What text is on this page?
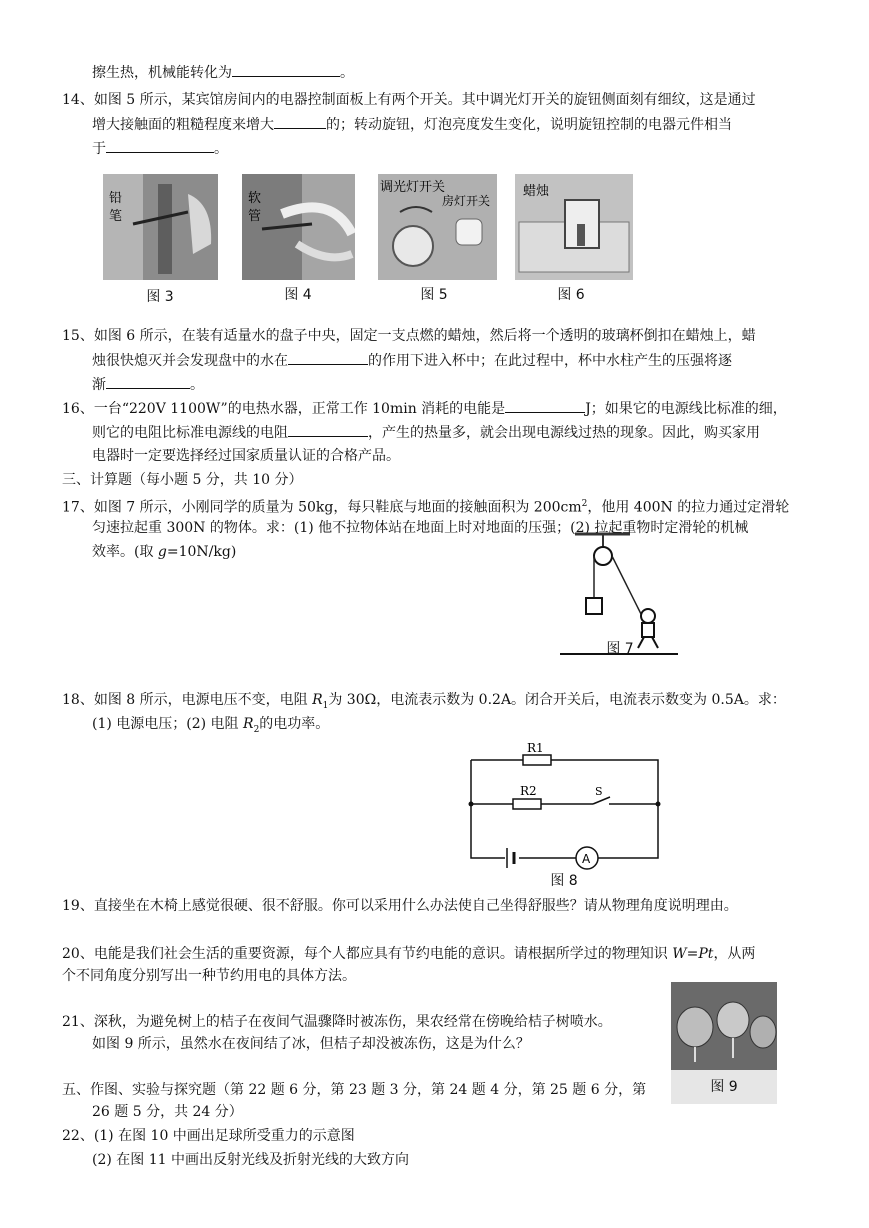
擦生热，机械能转化为	。
14、如图 5 所示，某宾馆房间内的电器控制面板上有两个开关。其中调光灯开关的旋钮侧面刻有细纹，这是通过
增大接触面的粗糙程度来增大	的；转动旋钮，灯泡亮度发生变化，说明旋钮控制的电器元件相当
于	。
铅笔
图 3
软管
图 4
调光灯开关
房灯开关
图 5
蜡烛
图 6
15、如图 6 所示，在装有适量水的盘子中央，固定一支点燃的蜡烛，然后将一个透明的玻璃杯倒扣在蜡烛上，蜡
烛很快熄灭并会发现盘中的水在	的作用下进入杯中；在此过程中，杯中水柱产生的压强将逐
渐	。
16、一台“220V 1100W”的电热水器，正常工作 10min 消耗的电能是	J；如果它的电源线比标准的细，
则它的电阻比标准电源线的电阻	，产生的热量多，就会出现电源线过热的现象。因此，购买家用
电器时一定要选择经过国家质量认证的合格产品。
三、计算题（每小题 5 分，共 10 分）
17、如图 7 所示，小刚同学的质量为 50kg，每只鞋底与地面的接触面积为 $200cm^2$，他用 400N 的拉力通过定滑轮
匀速拉起重 300N 的物体。求：(1) 他不拉物体站在地面上时对地面的压强；(2) 拉起重物时定滑轮的机械
效率。(取 g=10N/kg)
图 7
18、如图 8 所示，电源电压不变，电阻 $R_1$为 30Ω，电流表示数为 0.2A。闭合开关后，电流表示数变为 0.5A。求：
(1) 电源电压；(2) 电阻 $R_2$的电功率。
R1
R2	S
A
图 8
19、直接坐在木椅上感觉很硬、很不舒服。你可以采用什么办法使自己坐得舒服些？请从物理角度说明理由。
20、电能是我们社会生活的重要资源，每个人都应具有节约电能的意识。请根据所学过的物理知识 W=Pt，从两
个不同角度分别写出一种节约用电的具体方法。
21、深秋，为避免树上的桔子在夜间气温骤降时被冻伤，果农经常在傍晚给桔子树喷水。
如图 9 所示，虽然水在夜间结了冰，但桔子却没被冻伤，这是为什么？
图 9
五、作图、实验与探究题（第 22 题 6 分，第 23 题 3 分，第 24 题 4 分，第 25 题 6 分，第
26 题 5 分，共 24 分）
22、(1) 在图 10 中画出足球所受重力的示意图
(2) 在图 11 中画出反射光线及折射光线的大致方向
